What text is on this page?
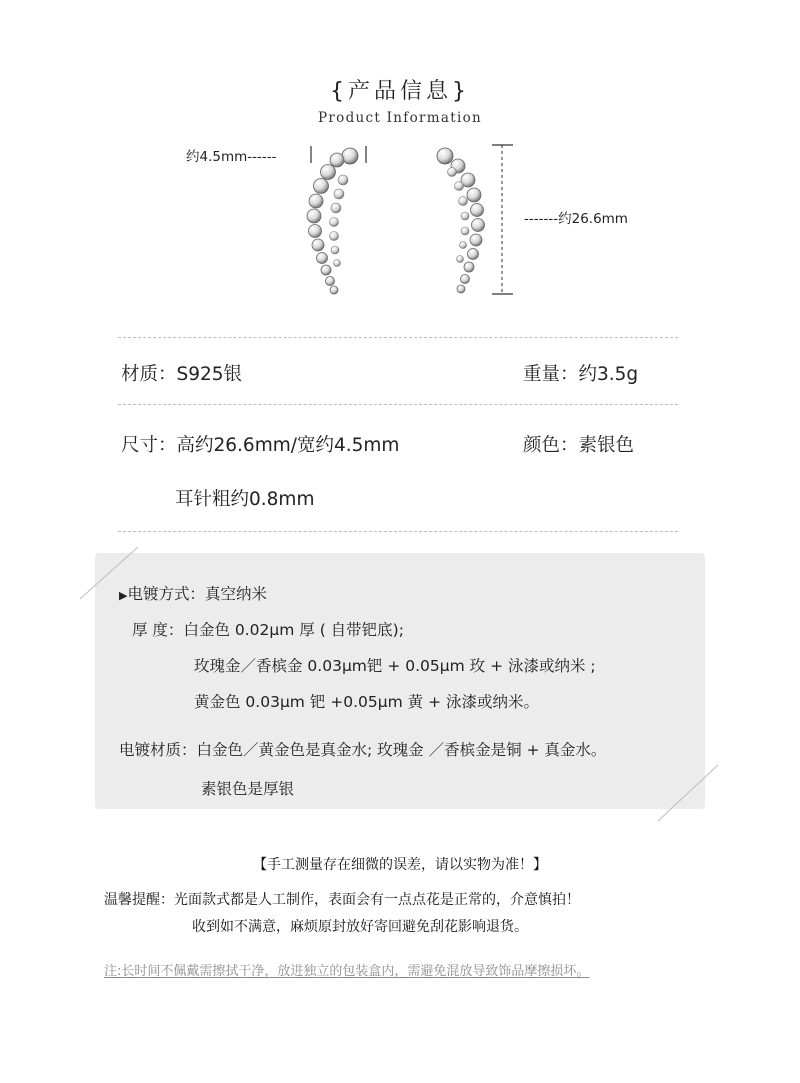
{产品信息}
Product Information
约4.5mm------
-------约26.6mm
材质：S925银	重量：约3.5g
尺寸：高约26.6mm/宽约4.5mm	颜色：素银色
耳针粗约0.8mm
▶电镀方式：真空纳米
厚 度：白金色 0.02μm 厚 ( 自带钯底);
玫瑰金／香槟金 0.03μm钯 + 0.05μm 玫 + 泳漆或纳米 ;
黄金色 0.03μm 钯 +0.05μm 黄 + 泳漆或纳米。
电镀材质：白金色／黄金色是真金水; 玫瑰金 ／香槟金是铜 + 真金水。
素银色是厚银
【手工测量存在细微的误差，请以实物为准！】
温馨提醒：光面款式都是人工制作，表面会有一点点花是正常的，介意慎拍！
收到如不满意，麻烦原封放好寄回避免刮花影响退货。
注:长时间不佩戴需擦拭干净，放进独立的包装盒内，需避免混放导致饰品摩擦损坏。
